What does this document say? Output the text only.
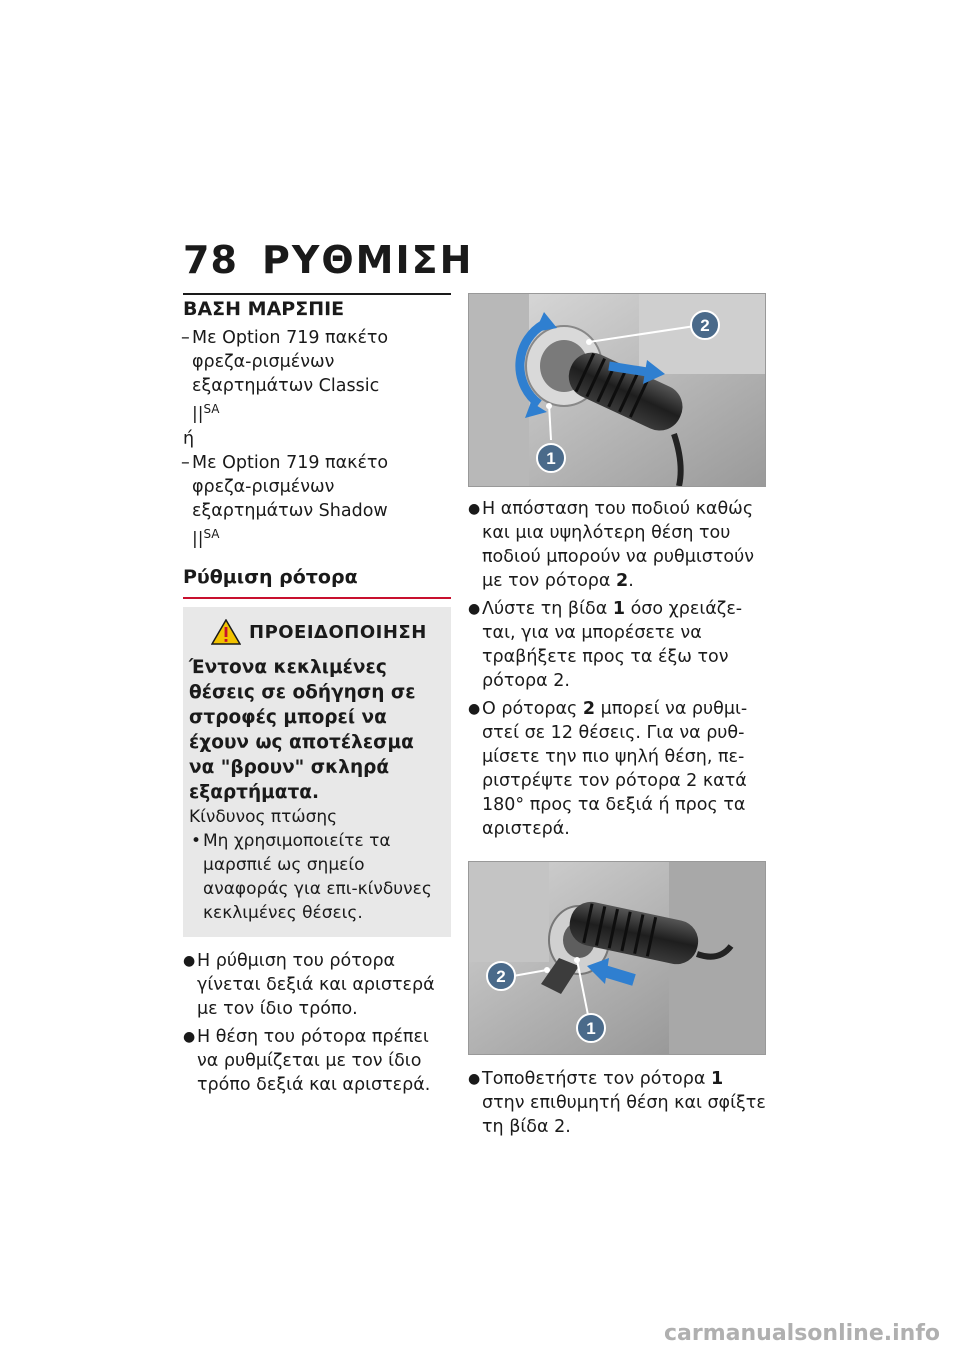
78 ΡΥΘΜΙΣΗ
ΒΑΣΗ ΜΑΡΣΠΙΕ
– Με Option 719 πακέτο φρεζα-ρισμένων εξαρτημάτων Classic
$||^{SA}$
ή
– Με Option 719 πακέτο φρεζα-ρισμένων εξαρτημάτων Shadow
$||^{SA}$
Ρύθμιση ρότορα
ΠΡΟΕΙΔΟΠΟΙΗΣΗ
Έντονα κεκλιμένες θέσεις σε οδήγηση σε στροφές μπορεί να έχουν ως αποτέλεσμα να "βρουν" σκληρά εξαρτήματα.
Κίνδυνος πτώσης
• Μη χρησιμοποιείτε τα μαρσπιέ ως σημείο αναφοράς για επι-κίνδυνες κεκλιμένες θέσεις.
● Η ρύθμιση του ρότορα γίνεται δεξιά και αριστερά με τον ίδιο τρόπο.
● Η θέση του ρότορα πρέπει να ρυθμίζεται με τον ίδιο τρόπο δεξιά και αριστερά.
2
1
● Η απόσταση του ποδιού καθώς και μια υψηλότερη θέση του ποδιού μπορούν να ρυθμιστούν με τον ρότορα 2.
● Λύστε τη βίδα 1 όσο χρειάζε-ται, για να μπορέσετε να τραβήξετε προς τα έξω τον ρότορα 2.
● Ο ρότορας 2 μπορεί να ρυθμι-στεί σε 12 θέσεις. Για να ρυθ-μίσετε την πιο ψηλή θέση, πε-ριστρέψτε τον ρότορα 2 κατά 180° προς τα δεξιά ή προς τα αριστερά.
2
1
● Τοποθετήστε τον ρότορα 1 στην επιθυμητή θέση και σφίξτε τη βίδα 2.
carmanualsonline.info
